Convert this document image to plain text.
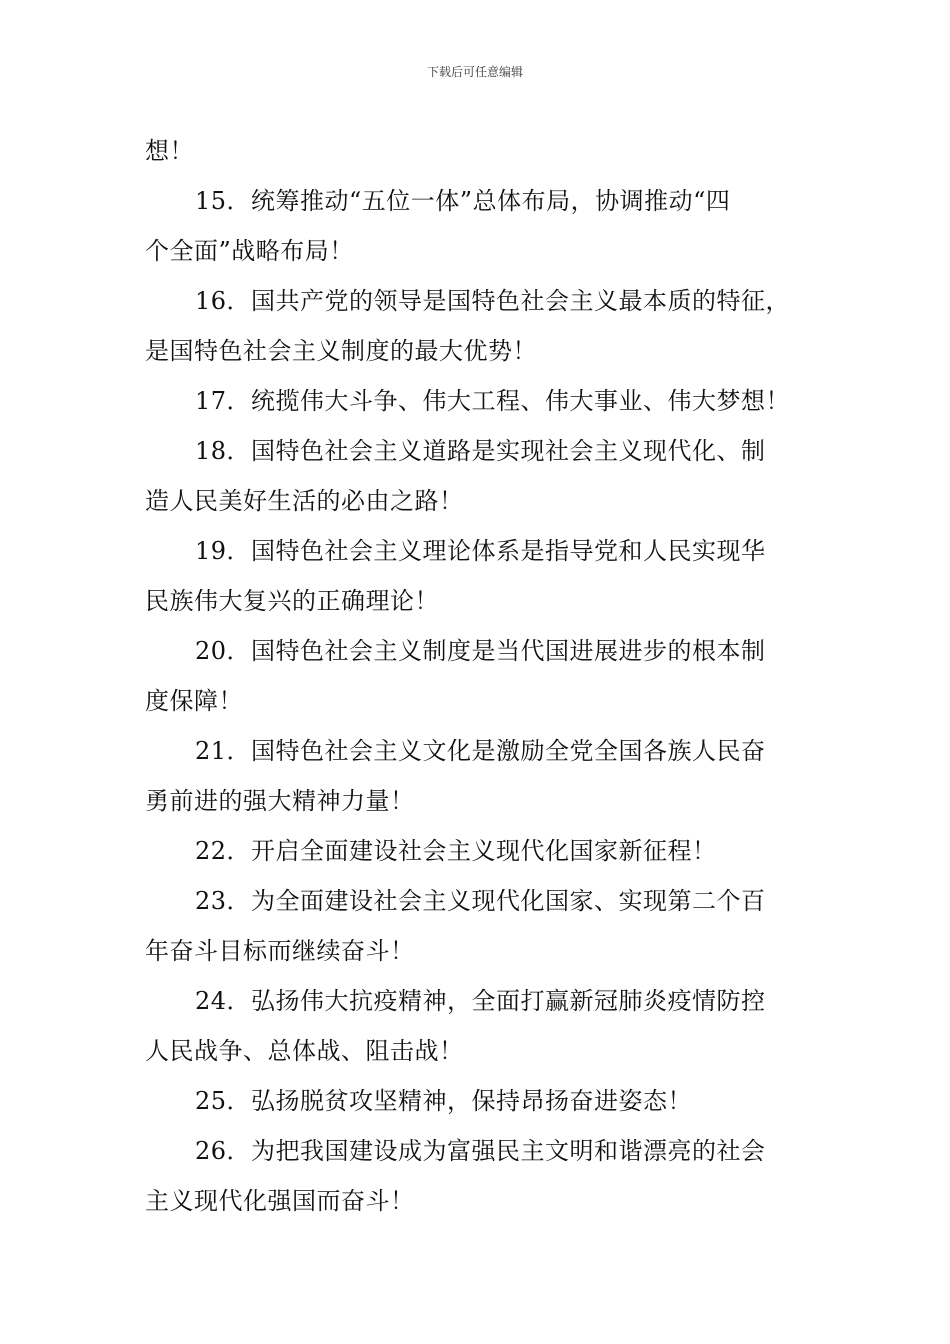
下载后可任意编辑
想！
15．统筹推动“五位一体”总体布局，协调推动“四
个全面”战略布局！
16．国共产党的领导是国特色社会主义最本质的特征，
是国特色社会主义制度的最大优势！
17．统揽伟大斗争、伟大工程、伟大事业、伟大梦想！
18．国特色社会主义道路是实现社会主义现代化、制
造人民美好生活的必由之路！
19．国特色社会主义理论体系是指导党和人民实现华
民族伟大复兴的正确理论！
20．国特色社会主义制度是当代国进展进步的根本制
度保障！
21．国特色社会主义文化是激励全党全国各族人民奋
勇前进的强大精神力量！
22．开启全面建设社会主义现代化国家新征程！
23．为全面建设社会主义现代化国家、实现第二个百
年奋斗目标而继续奋斗！
24．弘扬伟大抗疫精神，全面打赢新冠肺炎疫情防控
人民战争、总体战、阻击战！
25．弘扬脱贫攻坚精神，保持昂扬奋进姿态！
26．为把我国建设成为富强民主文明和谐漂亮的社会
主义现代化强国而奋斗！
